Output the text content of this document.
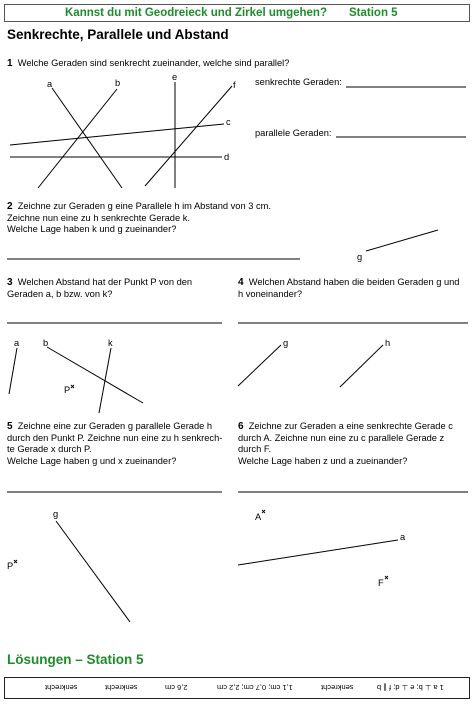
Kannst du mit Geodreieck und Zirkel umgehen? Station 5
Senkrechte, Parallele und Abstand
1 Welche Geraden sind senkrecht zueinander, welche sind parallel?
senkrechte Geraden:
parallele Geraden:
2 Zeichne zur Geraden g eine Parallele h im Abstand von 3 cm.
Zeichne nun eine zu h senkrechte Gerade k.
Welche Lage haben k und g zueinander?
3 Welchen Abstand hat der Punkt P von den
Geraden a, b bzw. von k?
4 Welchen Abstand haben die beiden Geraden g und
h voneinander?
5 Zeichne eine zur Geraden g parallele Gerade h
durch den Punkt P. Zeichne nun eine zu h senkrech-
te Gerade x durch P.
Welche Lage haben g und x zueinander?
6 Zeichne zur Geraden a eine senkrechte Gerade c
durch A. Zeichne nun eine zu c parallele Gerade z
durch F.
Welche Lage haben z und a zueinander?
a	b
e
f
c
d
g
a	b	k
P
g	h
g
P
A
a
F
Lösungen – Station 5
1 a ⊥ b; e ⊥ d; f ∥ b
senkrecht
1,1 cm; 0,7 cm; 2,2 cm
2,6 cm
senkrecht
senkrecht
